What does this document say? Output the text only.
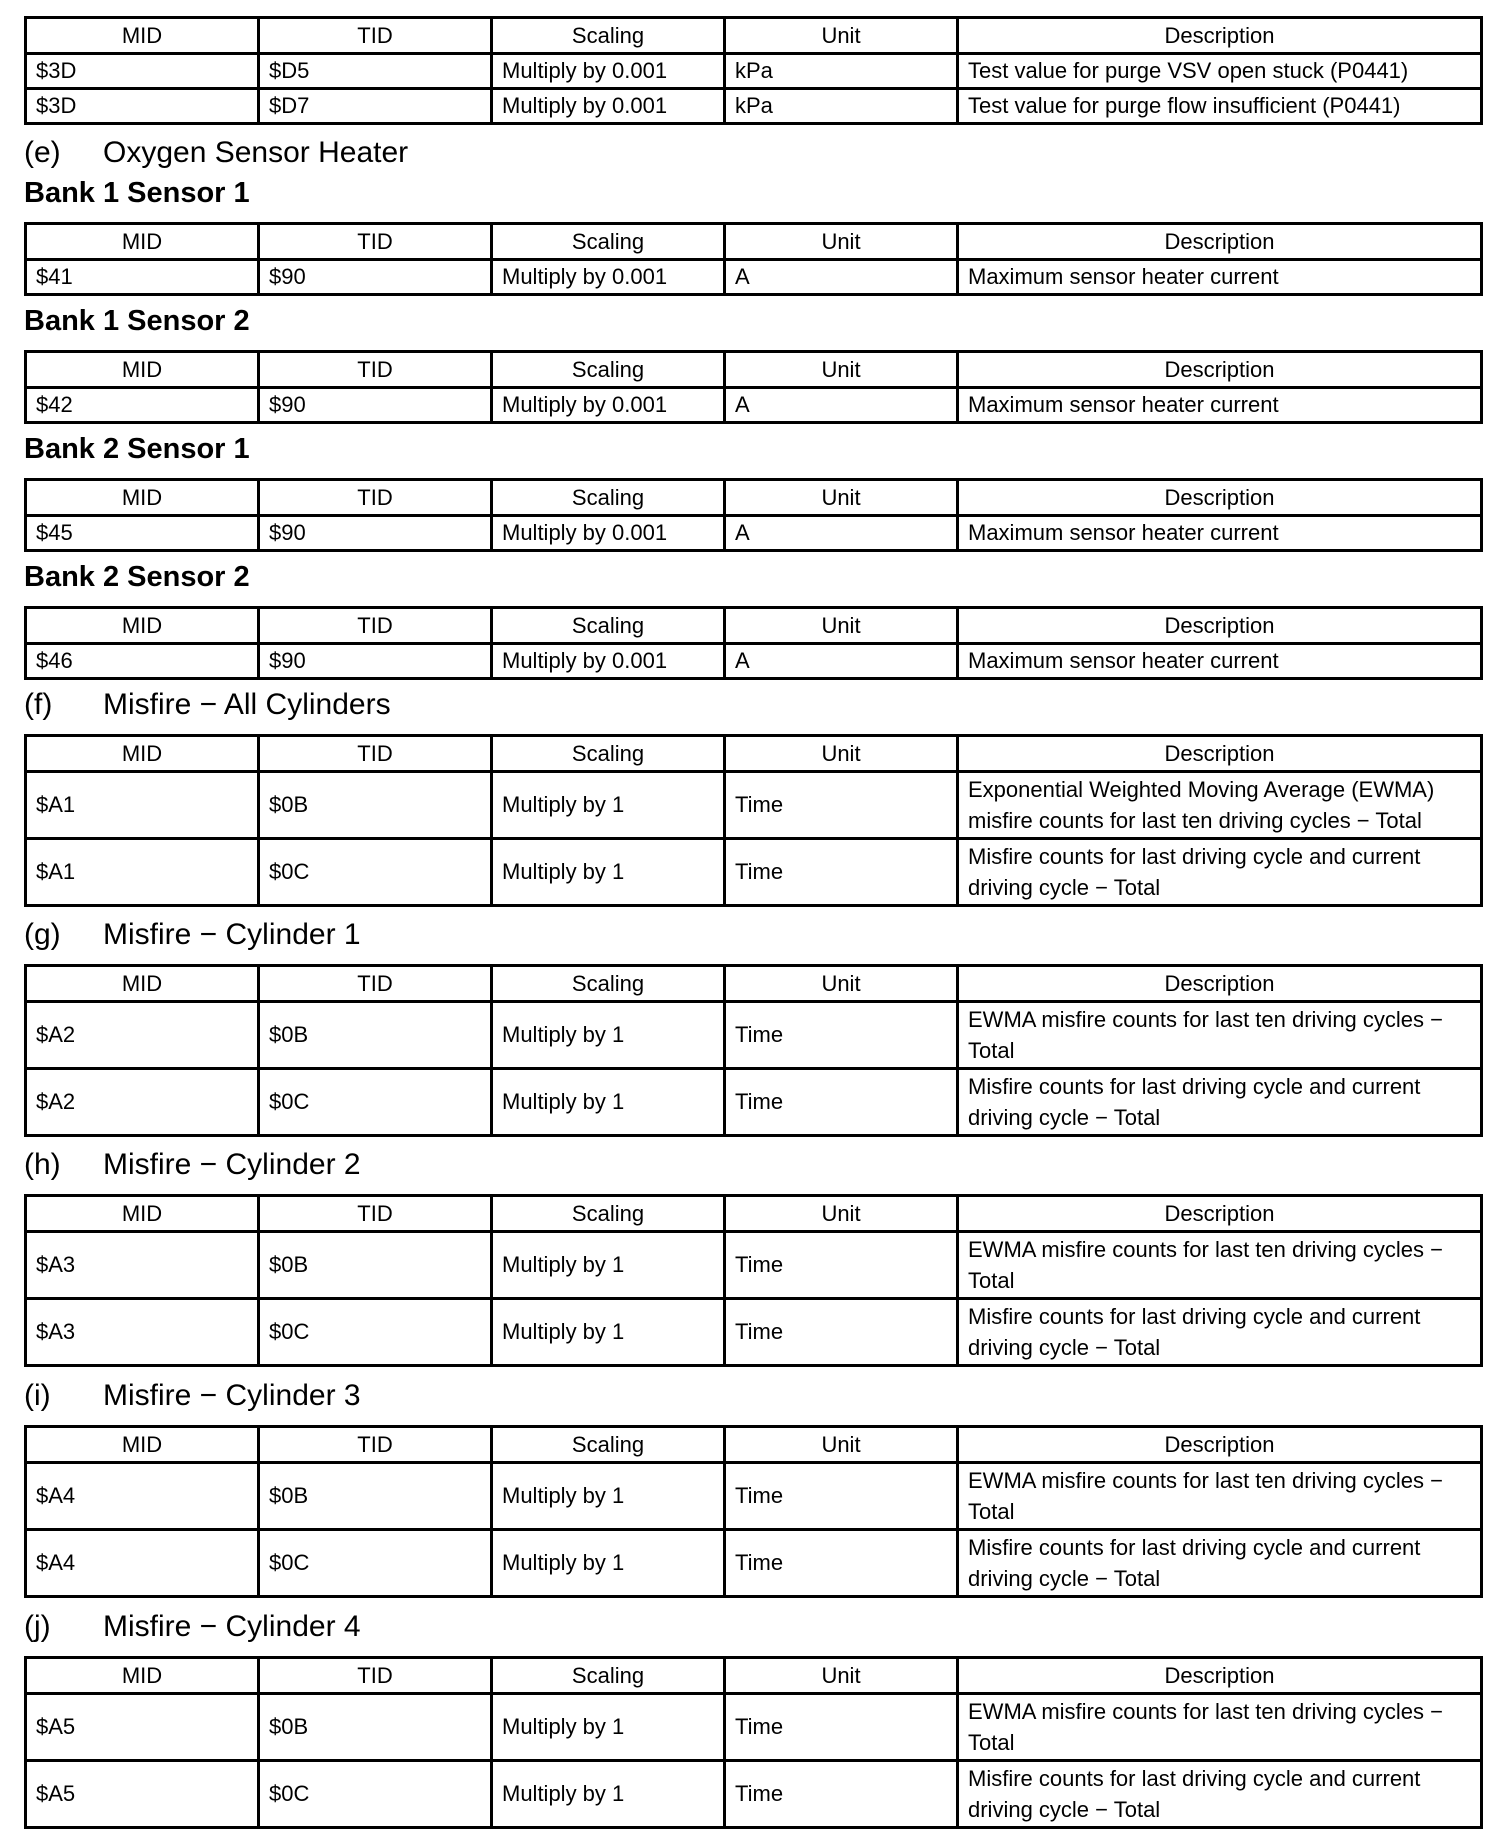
MID	TID	Scaling	Unit	Description
$3D	$D5	Multiply by 0.001	kPa	Test value for purge VSV open stuck (P0441)
$3D	$D7	Multiply by 0.001	kPa	Test value for purge flow insufficient (P0441)
(e) Oxygen Sensor Heater
Bank 1 Sensor 1
MID	TID	Scaling	Unit	Description
$41	$90	Multiply by 0.001	A	Maximum sensor heater current
Bank 1 Sensor 2
MID	TID	Scaling	Unit	Description
$42	$90	Multiply by 0.001	A	Maximum sensor heater current
Bank 2 Sensor 1
MID	TID	Scaling	Unit	Description
$45	$90	Multiply by 0.001	A	Maximum sensor heater current
Bank 2 Sensor 2
MID	TID	Scaling	Unit	Description
$46	$90	Multiply by 0.001	A	Maximum sensor heater current
(f) Misfire − All Cylinders
MID	TID	Scaling	Unit	Description
$A1	$0B	Multiply by 1	Time	Exponential Weighted Moving Average (EWMA) misfire counts for last ten driving cycles − Total
$A1	$0C	Multiply by 1	Time	Misfire counts for last driving cycle and current driving cycle − Total
(g) Misfire − Cylinder 1
MID	TID	Scaling	Unit	Description
$A2	$0B	Multiply by 1	Time	EWMA misfire counts for last ten driving cycles − Total
$A2	$0C	Multiply by 1	Time	Misfire counts for last driving cycle and current driving cycle − Total
(h) Misfire − Cylinder 2
MID	TID	Scaling	Unit	Description
$A3	$0B	Multiply by 1	Time	EWMA misfire counts for last ten driving cycles − Total
$A3	$0C	Multiply by 1	Time	Misfire counts for last driving cycle and current driving cycle − Total
(i) Misfire − Cylinder 3
MID	TID	Scaling	Unit	Description
$A4	$0B	Multiply by 1	Time	EWMA misfire counts for last ten driving cycles − Total
$A4	$0C	Multiply by 1	Time	Misfire counts for last driving cycle and current driving cycle − Total
(j) Misfire − Cylinder 4
MID	TID	Scaling	Unit	Description
$A5	$0B	Multiply by 1	Time	EWMA misfire counts for last ten driving cycles − Total
$A5	$0C	Multiply by 1	Time	Misfire counts for last driving cycle and current driving cycle − Total
